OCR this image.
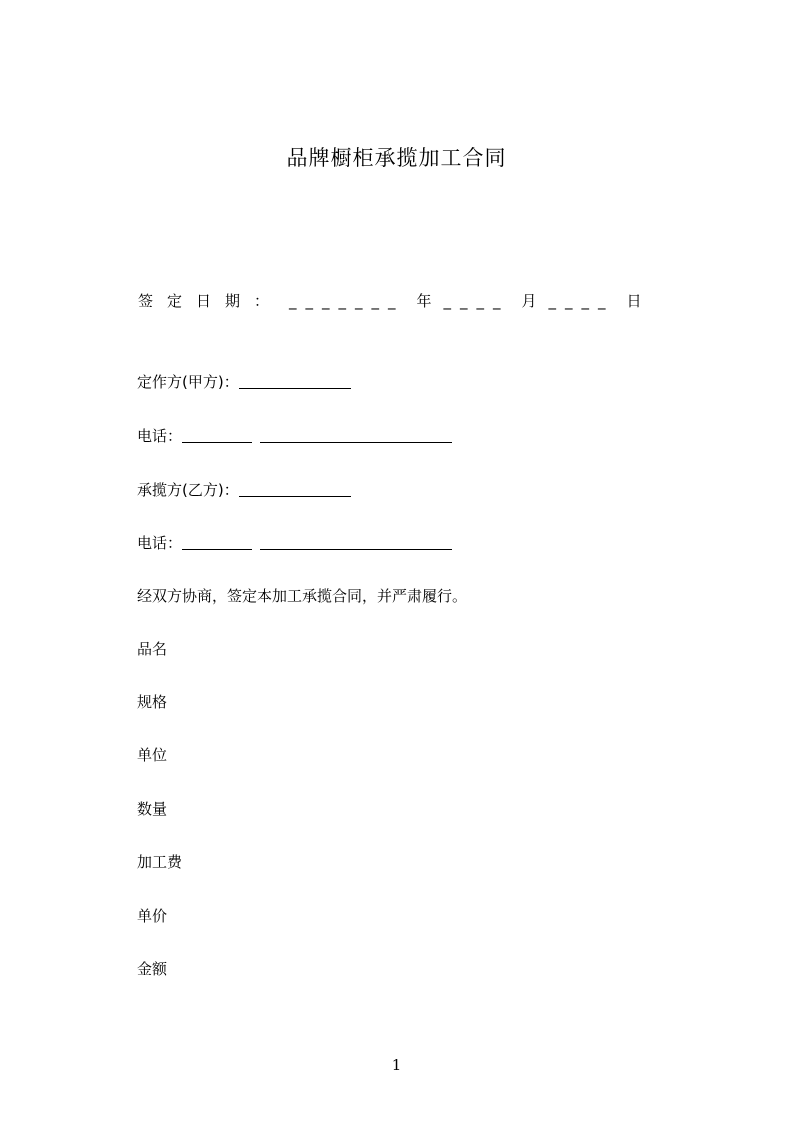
品牌橱柜承揽加工合同
签定日期： _______ 年 ____ 月 ____ 日
定作方(甲方)：
电话：
承揽方(乙方)：
电话：
经双方协商，签定本加工承揽合同，并严肃履行。
品名
规格
单位
数量
加工费
单价
金额
1
